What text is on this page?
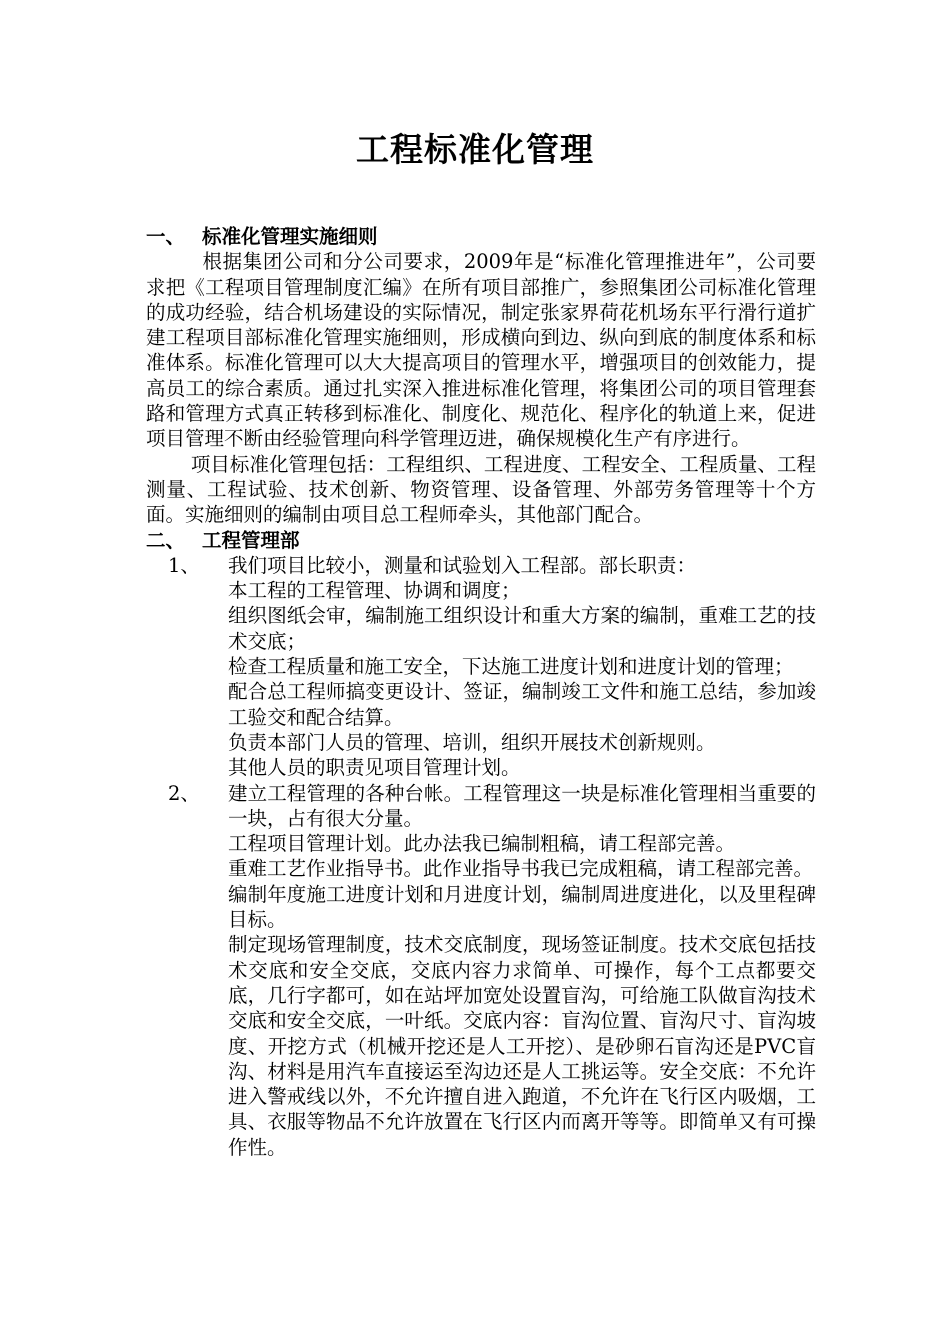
工程标准化管理
一、 标准化管理实施细则

根据集团公司和分公司要求，2009年是“标准化管理推进年”，公司要求把《工程项目管理制度汇编》在所有项目部推广，参照集团公司标准化管理的成功经验，结合机场建设的实际情况，制定张家界荷花机场东平行滑行道扩建工程项目部标准化管理实施细则，形成横向到边、纵向到底的制度体系和标准体系。标准化管理可以大大提高项目的管理水平，增强项目的创效能力，提高员工的综合素质。通过扎实深入推进标准化管理，将集团公司的项目管理套路和管理方式真正转移到标准化、制度化、规范化、程序化的轨道上来，促进项目管理不断由经验管理向科学管理迈进，确保规模化生产有序进行。

项目标准化管理包括：工程组织、工程进度、工程安全、工程质量、工程测量、工程试验、技术创新、物资管理、设备管理、外部劳务管理等十个方面。实施细则的编制由项目总工程师牵头，其他部门配合。

二、 工程管理部
1、 我们项目比较小，测量和试验划入工程部。部长职责：

本工程的工程管理、协调和调度；

组织图纸会审，编制施工组织设计和重大方案的编制，重难工艺的技术交底；

检查工程质量和施工安全，下达施工进度计划和进度计划的管理；

配合总工程师搞变更设计、签证，编制竣工文件和施工总结，参加竣工验交和配合结算。

负责本部门人员的管理、培训，组织开展技术创新规则。

其他人员的职责见项目管理计划。

2、 建立工程管理的各种台帐。工程管理这一块是标准化管理相当重要的一块，占有很大分量。

工程项目管理计划。此办法我已编制粗稿，请工程部完善。

重难工艺作业指导书。此作业指导书我已完成粗稿，请工程部完善。

编制年度施工进度计划和月进度计划，编制周进度进化，以及里程碑目标。

制定现场管理制度，技术交底制度，现场签证制度。技术交底包括技术交底和安全交底，交底内容力求简单、可操作，每个工点都要交底，几行字都可，如在站坪加宽处设置盲沟，可给施工队做盲沟技术交底和安全交底，一叶纸。交底内容：盲沟位置、盲沟尺寸、盲沟坡度、开挖方式（机械开挖还是人工开挖）、是砂卵石盲沟还是PVC盲沟、材料是用汽车直接运至沟边还是人工挑运等。安全交底：不允许进入警戒线以外，不允许擅自进入跑道，不允许在飞行区内吸烟，工具、衣服等物品不允许放置在飞行区内而离开等等。即简单又有可操作性。
